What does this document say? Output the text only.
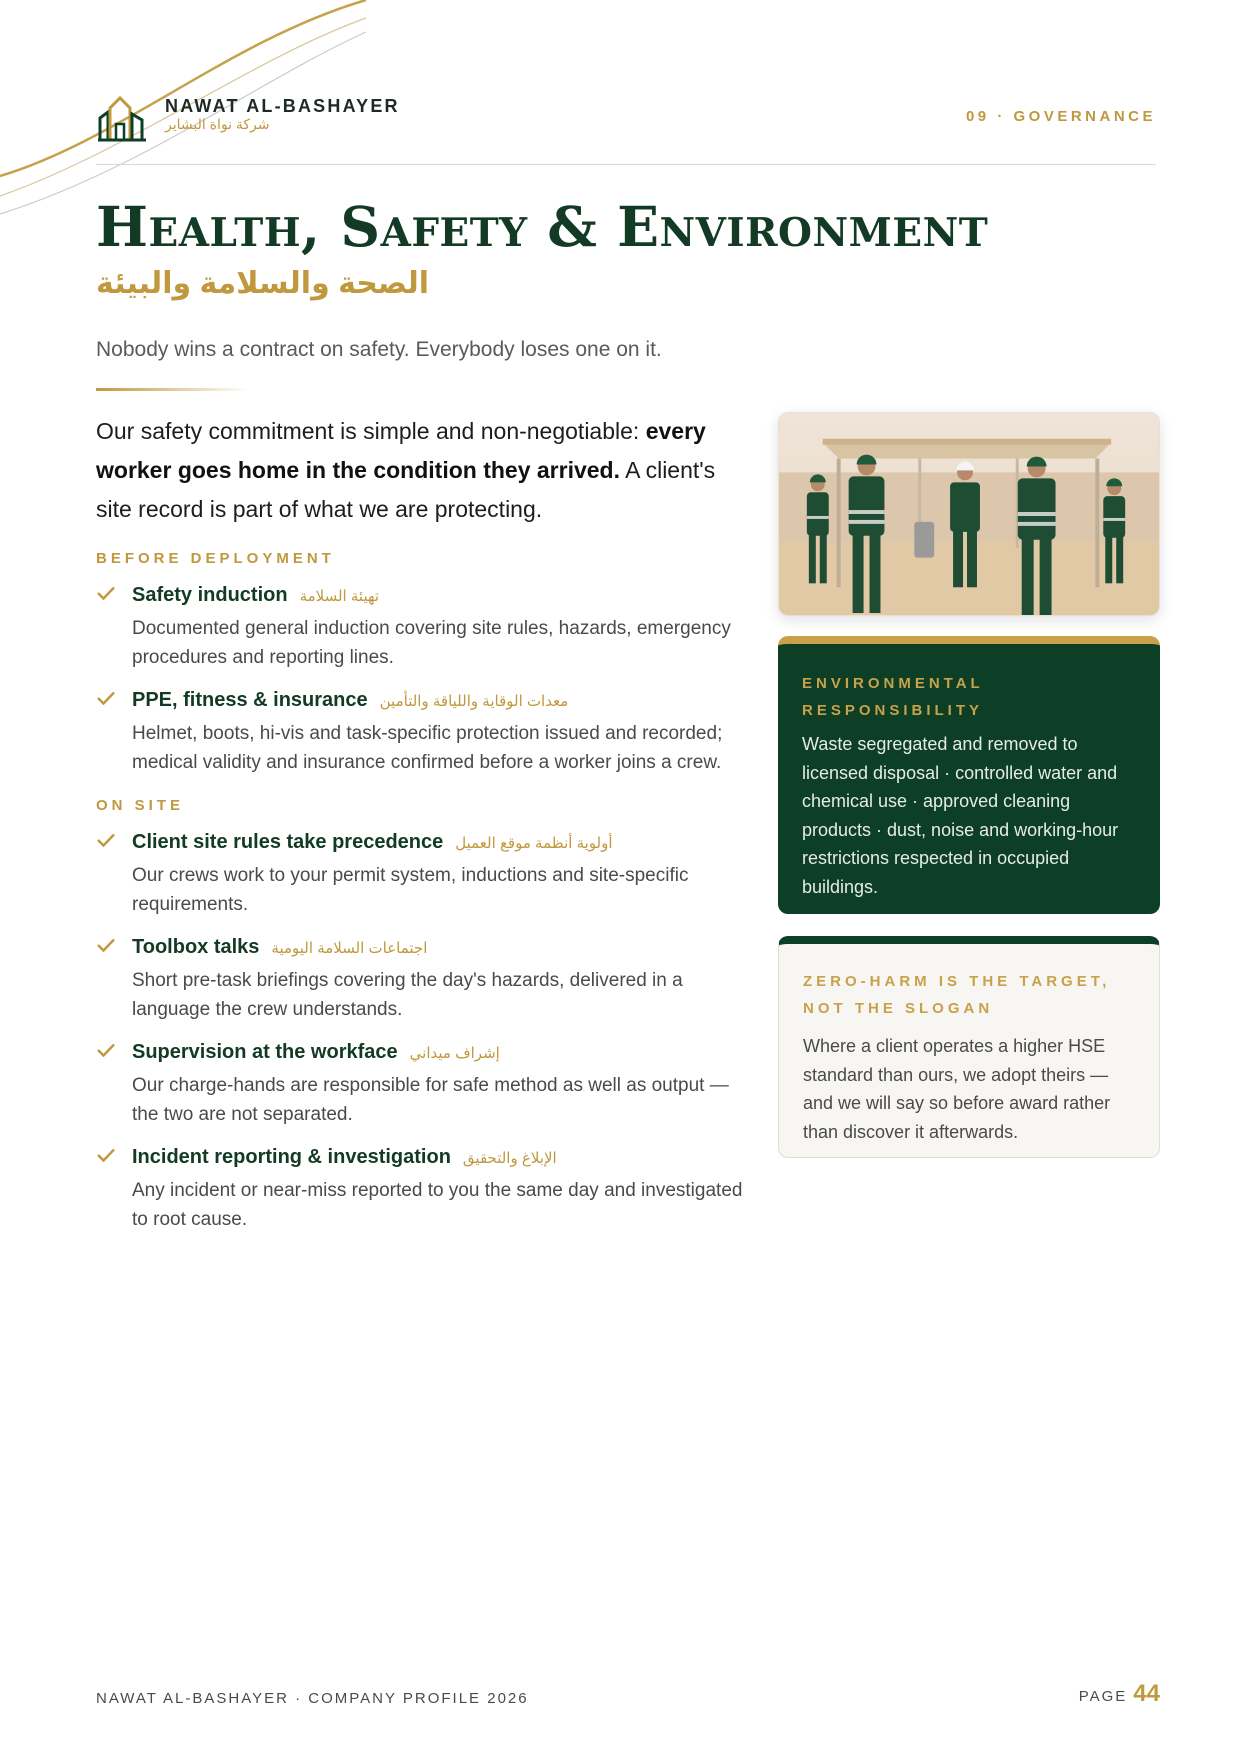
NAWAT AL-BASHAYER
شركة نواة البشاير	09 · GOVERNANCE
Health, Safety & Environment
الصحة والسلامة والبيئة
Nobody wins a contract on safety. Everybody loses one on it.

Our safety commitment is simple and non-negotiable: every worker goes home in the condition they arrived. A client's site record is part of what we are protecting.

BEFORE DEPLOYMENT
Safety induction تهيئة السلامة
Documented general induction covering site rules, hazards, emergency procedures and reporting lines.
PPE, fitness & insurance معدات الوقاية واللياقة والتأمين
Helmet, boots, hi-vis and task-specific protection issued and recorded; medical validity and insurance confirmed before a worker joins a crew.
ON SITE
Client site rules take precedence أولوية أنظمة موقع العميل
Our crews work to your permit system, inductions and site-specific requirements.
Toolbox talks اجتماعات السلامة اليومية
Short pre-task briefings covering the day's hazards, delivered in a language the crew understands.
Supervision at the workface إشراف ميداني
Our charge-hands are responsible for safe method as well as output — the two are not separated.
Incident reporting & investigation الإبلاغ والتحقيق
Any incident or near-miss reported to you the same day and investigated to root cause.
ENVIRONMENTAL RESPONSIBILITY
Waste segregated and removed to licensed disposal · controlled water and chemical use · approved cleaning products · dust, noise and working-hour restrictions respected in occupied buildings.
ZERO-HARM IS THE TARGET, NOT THE SLOGAN
Where a client operates a higher HSE standard than ours, we adopt theirs — and we will say so before award rather than discover it afterwards.
NAWAT AL-BASHAYER · COMPANY PROFILE 2026	PAGE 44
